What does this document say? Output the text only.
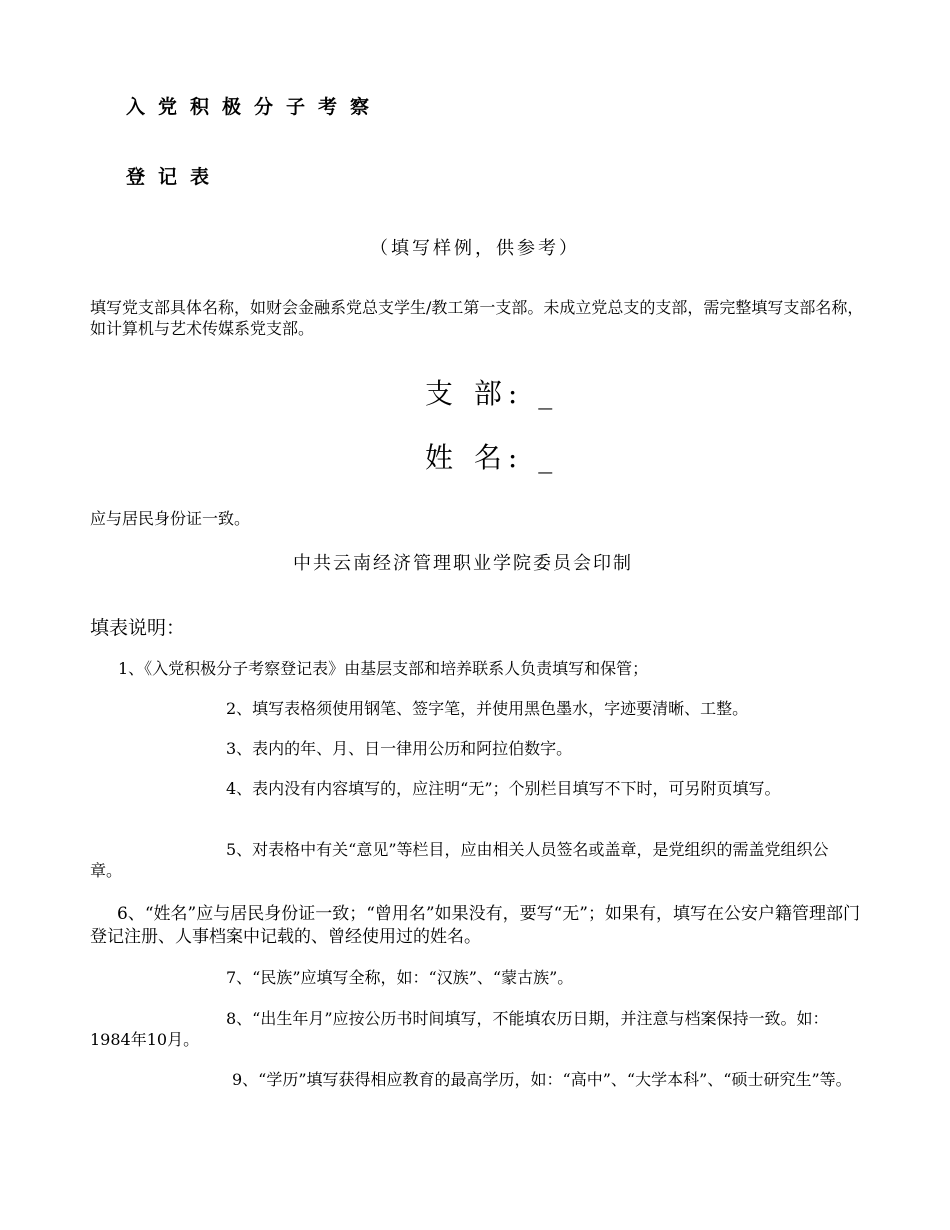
入党积极分子考察
登记表
（填写样例，供参考）
填写党支部具体名称，如财会金融系党总支学生/教工第一支部。未成立党总支的支部，需完整填写支部名称，如计算机与艺术传媒系党支部。
支 部: _
姓 名: _
应与居民身份证一致。
中共云南经济管理职业学院委员会印制
填表说明：
1、《入党积极分子考察登记表》由基层支部和培养联系人负责填写和保管；
2、填写表格须使用钢笔、签字笔，并使用黑色墨水，字迹要清晰、工整。
3、表内的年、月、日一律用公历和阿拉伯数字。
4、表内没有内容填写的，应注明“无”；个别栏目填写不下时，可另附页填写。
5、对表格中有关“意见”等栏目，应由相关人员签名或盖章，是党组织的需盖党组织公章。
6、“姓名”应与居民身份证一致；“曾用名”如果没有，要写“无”；如果有，填写在公安户籍管理部门登记注册、人事档案中记载的、曾经使用过的姓名。
7、“民族”应填写全称，如：“汉族”、“蒙古族”。
8、“出生年月”应按公历书时间填写，不能填农历日期，并注意与档案保持一致。如：1984年10月。
9、“学历”填写获得相应教育的最高学历，如：“高中”、“大学本科”、“硕士研究生”等。
